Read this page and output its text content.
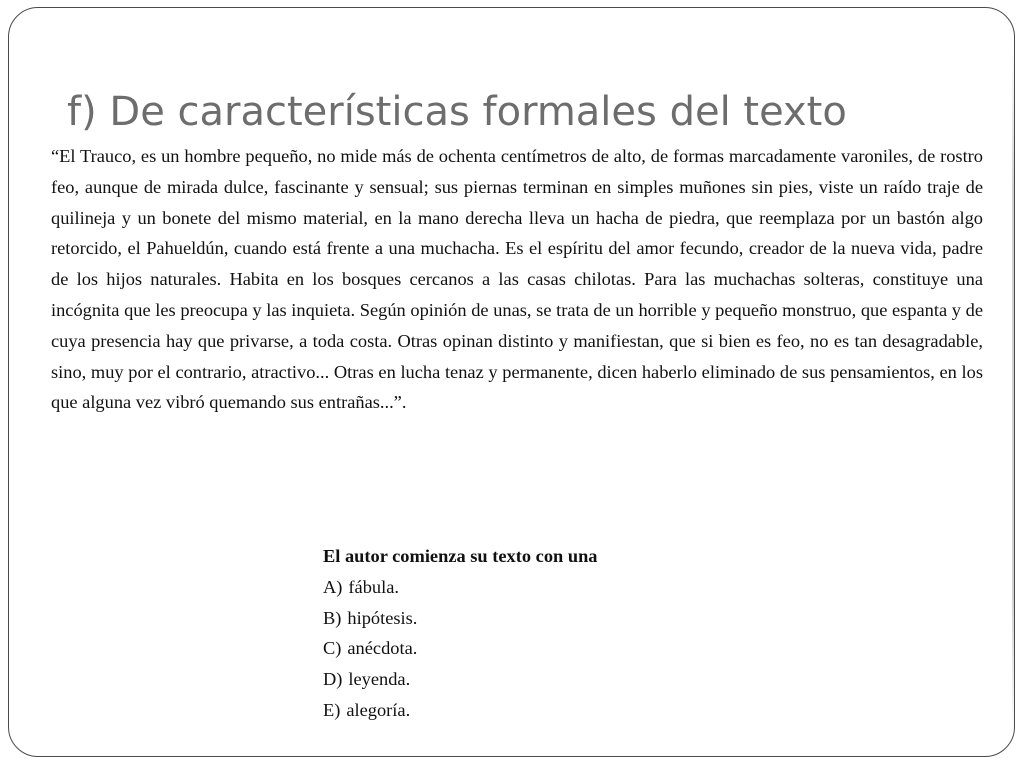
f) De características formales del texto

“El Trauco, es un hombre pequeño, no mide más de ochenta centímetros de alto, de formas marcadamente varoniles, de rostro feo, aunque de mirada dulce, fascinante y sensual; sus piernas terminan en simples muñones sin pies, viste un raído traje de quilineja y un bonete del mismo material, en la mano derecha lleva un hacha de piedra, que reemplaza por un bastón algo retorcido, el Pahueldún, cuando está frente a una muchacha. Es el espíritu del amor fecundo, creador de la nueva vida, padre de los hijos naturales. Habita en los bosques cercanos a las casas chilotas. Para las muchachas solteras, constituye una incógnita que les preocupa y las inquieta. Según opinión de unas, se trata de un horrible y pequeño monstruo, que espanta y de cuya presencia hay que privarse, a toda costa. Otras opinan distinto y manifiestan, que si bien es feo, no es tan desagradable, sino, muy por el contrario, atractivo... Otras en lucha tenaz y permanente, dicen haberlo eliminado de sus pensamientos, en los que alguna vez vibró quemando sus entrañas...”.

El autor comienza su texto con una
A) fábula.
B) hipótesis.
C) anécdota.
D) leyenda.
E) alegoría.
